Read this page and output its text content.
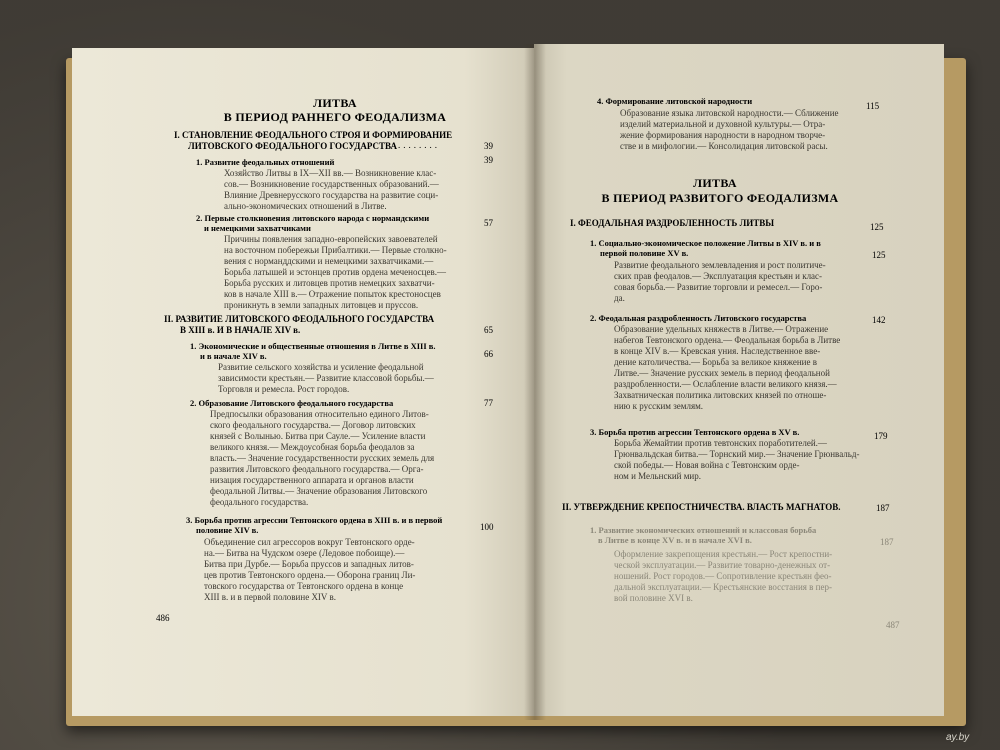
ЛИТВА
В ПЕРИОД РАННЕГО ФЕОДАЛИЗМА
I. СТАНОВЛЕНИЕ ФЕОДАЛЬНОГО СТРОЯ И ФОРМИРОВАНИЕ
ЛИТОВСКОГО ФЕОДАЛЬНОГО ГОСУДАРСТВА ........	39
1. Развитие феодальных отношений	39
Хозяйство Литвы в IX—XII вв.— Возникновение клас-
сов.— Возникновение государственных образований.—
Влияние Древнерусского государства на развитие соци-
ально-экономических отношений в Литве.
2. Первые столкновения литовского народа с нормандскими
и немецкими захватчиками	57
Причины появления западно-европейских завоевателей
на восточном побережьи Прибалтики.— Первые столкно-
вения с норманддскими и немецкими захватчиками.—
Борьба латышей и эстонцев против ордена меченосцев.—
Борьба русских и литовцев против немецких захватчи-
ков в начале XIII в.— Отражение попыток крестоносцев
проникнуть в земли западных литовцев и пруссов.
II. РАЗВИТИЕ ЛИТОВСКОГО ФЕОДАЛЬНОГО ГОСУДАРСТВА
В XIII в. И В НАЧАЛЕ XIV в.	65
1. Экономические и общественные отношения в Литве в XIII в.
и в начале XIV в.	66
Развитие сельского хозяйства и усиление феодальной
зависимости крестьян.— Развитие классовой борьбы.—
Торговля и ремесла. Рост городов.
2. Образование Литовского феодального государства	77
Предпосылки образования относительно единого Литов-
ского феодального государства.— Договор литовских
князей с Волынью. Битва при Сауле.— Усиление власти
великого князя.— Междоусобная борьба феодалов за
власть.— Значение государственности русских земель для
развития Литовского феодального государства.— Орга-
низация государственного аппарата и органов власти
феодальной Литвы.— Значение образования Литовского
феодального государства.
3. Борьба против агрессии Тевтонского ордена в XIII в. и в первой
половине XIV в.	100
Объединение сил агрессоров вокруг Тевтонского орде-
на.— Битва на Чудском озере (Ледовое побоище).—
Битва при Дурбе.— Борьба пруссов и западных литов-
цев против Тевтонского ордена.— Оборона границ Ли-
товского государства от Тевтонского ордена в конце
XIII в. и в первой половине XIV в.
486
4. Формирование литовской народности	115
Образование языка литовской народности.— Сближение
изделий материальной и духовной культуры.— Отра-
жение формирования народности в народном творче-
стве и в мифологии.— Консолидация литовской расы.
ЛИТВА
В ПЕРИОД РАЗВИТОГО ФЕОДАЛИЗМА
I. ФЕОДАЛЬНАЯ РАЗДРОБЛЕННОСТЬ ЛИТВЫ	125
1. Социально-экономическое положение Литвы в XIV в. и в
первой половине XV в.	125
Развитие феодального землевладения и рост политиче-
ских прав феодалов.— Эксплуатация крестьян и клас-
совая борьба.— Развитие торговли и ремесел.— Горо-
да.
2. Феодальная раздробленность Литовского государства	142
Образование удельных княжеств в Литве.— Отражение
набегов Тевтонского ордена.— Феодальная борьба в Литве
в конце XIV в.— Кревская уния. Наследственное вве-
дение католичества.— Борьба за великое княжение в
Литве.— Значение русских земель в период феодальной
раздробленности.— Ослабление власти великого князя.—
Захватническая политика литовских князей по отноше-
нию к русским землям.
3. Борьба против агрессии Тевтонского ордена в XV в.	179
Борьба Жемайтии против тевтонских поработителей.—
Грюнвальдская битва.— Торнский мир.— Значение Грюнвальд-
ской победы.— Новая война с Тевтонским орде-
ном и Мельнский мир.
II. УТВЕРЖДЕНИЕ КРЕПОСТНИЧЕСТВА. ВЛАСТЬ МАГНАТОВ.	187
1. Развитие экономических отношений и классовая борьба
в Литве в конце XV в. и в начале XVI в.	187
Оформление закрепощения крестьян.— Рост крепостни-
ческой эксплуатации.— Развитие товарно-денежных от-
ношений. Рост городов.— Сопротивление крестьян фео-
дальной эксплуатации.— Крестьянские восстания в пер-
вой половине XVI в.
487
ay.by
